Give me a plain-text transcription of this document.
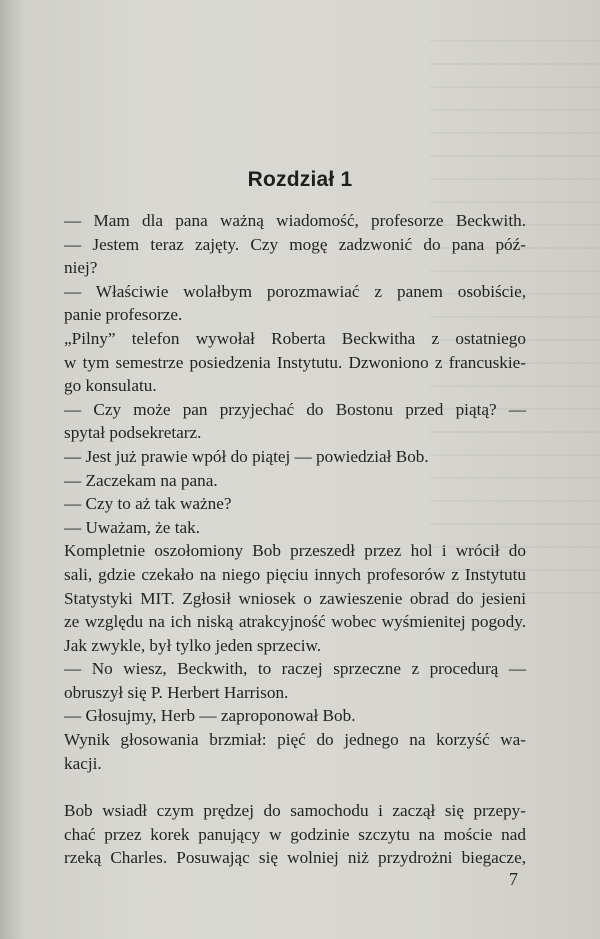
Rozdział 1
— Mam dla pana ważną wiadomość, profesorze Beckwith.
— Jestem teraz zajęty. Czy mogę zadzwonić do pana póź-
niej?
— Właściwie wolałbym porozmawiać z panem osobiście,
panie profesorze.
„Pilny” telefon wywołał Roberta Beckwitha z ostatniego
w tym semestrze posiedzenia Instytutu. Dzwoniono z francuskie-
go konsulatu.
— Czy może pan przyjechać do Bostonu przed piątą? —
spytał podsekretarz.
— Jest już prawie wpół do piątej — powiedział Bob.
— Zaczekam na pana.
— Czy to aż tak ważne?
— Uważam, że tak.
Kompletnie oszołomiony Bob przeszedł przez hol i wrócił do
sali, gdzie czekało na niego pięciu innych profesorów z Instytutu
Statystyki MIT. Zgłosił wniosek o zawieszenie obrad do jesieni
ze względu na ich niską atrakcyjność wobec wyśmienitej pogody.
Jak zwykle, był tylko jeden sprzeciw.
— No wiesz, Beckwith, to raczej sprzeczne z procedurą —
obruszył się P. Herbert Harrison.
— Głosujmy, Herb — zaproponował Bob.
Wynik głosowania brzmiał: pięć do jednego na korzyść wa-
kacji.
Bob wsiadł czym prędzej do samochodu i zaczął się przepy-
chać przez korek panujący w godzinie szczytu na moście nad
rzeką Charles. Posuwając się wolniej niż przydrożni biegacze,
7
